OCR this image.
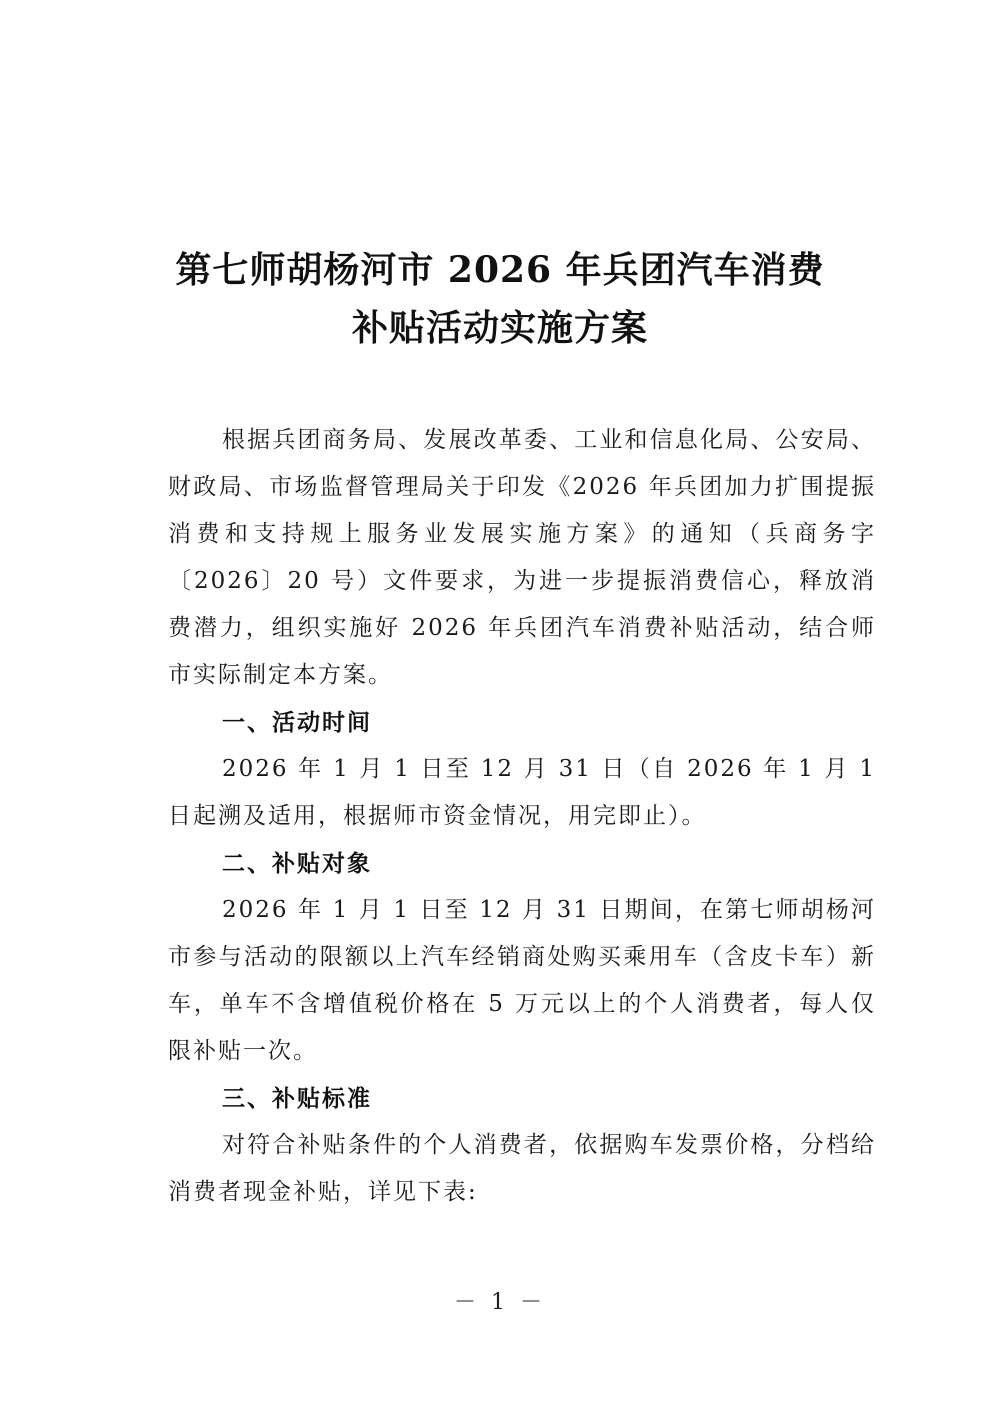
第七师胡杨河市 2026 年兵团汽车消费
补贴活动实施方案

根据兵团商务局、发展改革委、工业和信息化局、公安局、财政局、市场监督管理局关于印发《2026 年兵团加力扩围提振消费和支持规上服务业发展实施方案》的通知（兵商务字〔2026〕20 号）文件要求，为进一步提振消费信心，释放消费潜力，组织实施好 2026 年兵团汽车消费补贴活动，结合师市实际制定本方案。

一、活动时间

2026 年 1 月 1 日至 12 月 31 日（自 2026 年 1 月 1 日起溯及适用，根据师市资金情况，用完即止）。

二、补贴对象

2026 年 1 月 1 日至 12 月 31 日期间，在第七师胡杨河市参与活动的限额以上汽车经销商处购买乘用车（含皮卡车）新车，单车不含增值税价格在 5 万元以上的个人消费者，每人仅限补贴一次。

三、补贴标准

对符合补贴条件的个人消费者，依据购车发票价格，分档给消费者现金补贴，详见下表:

－ 1 －
